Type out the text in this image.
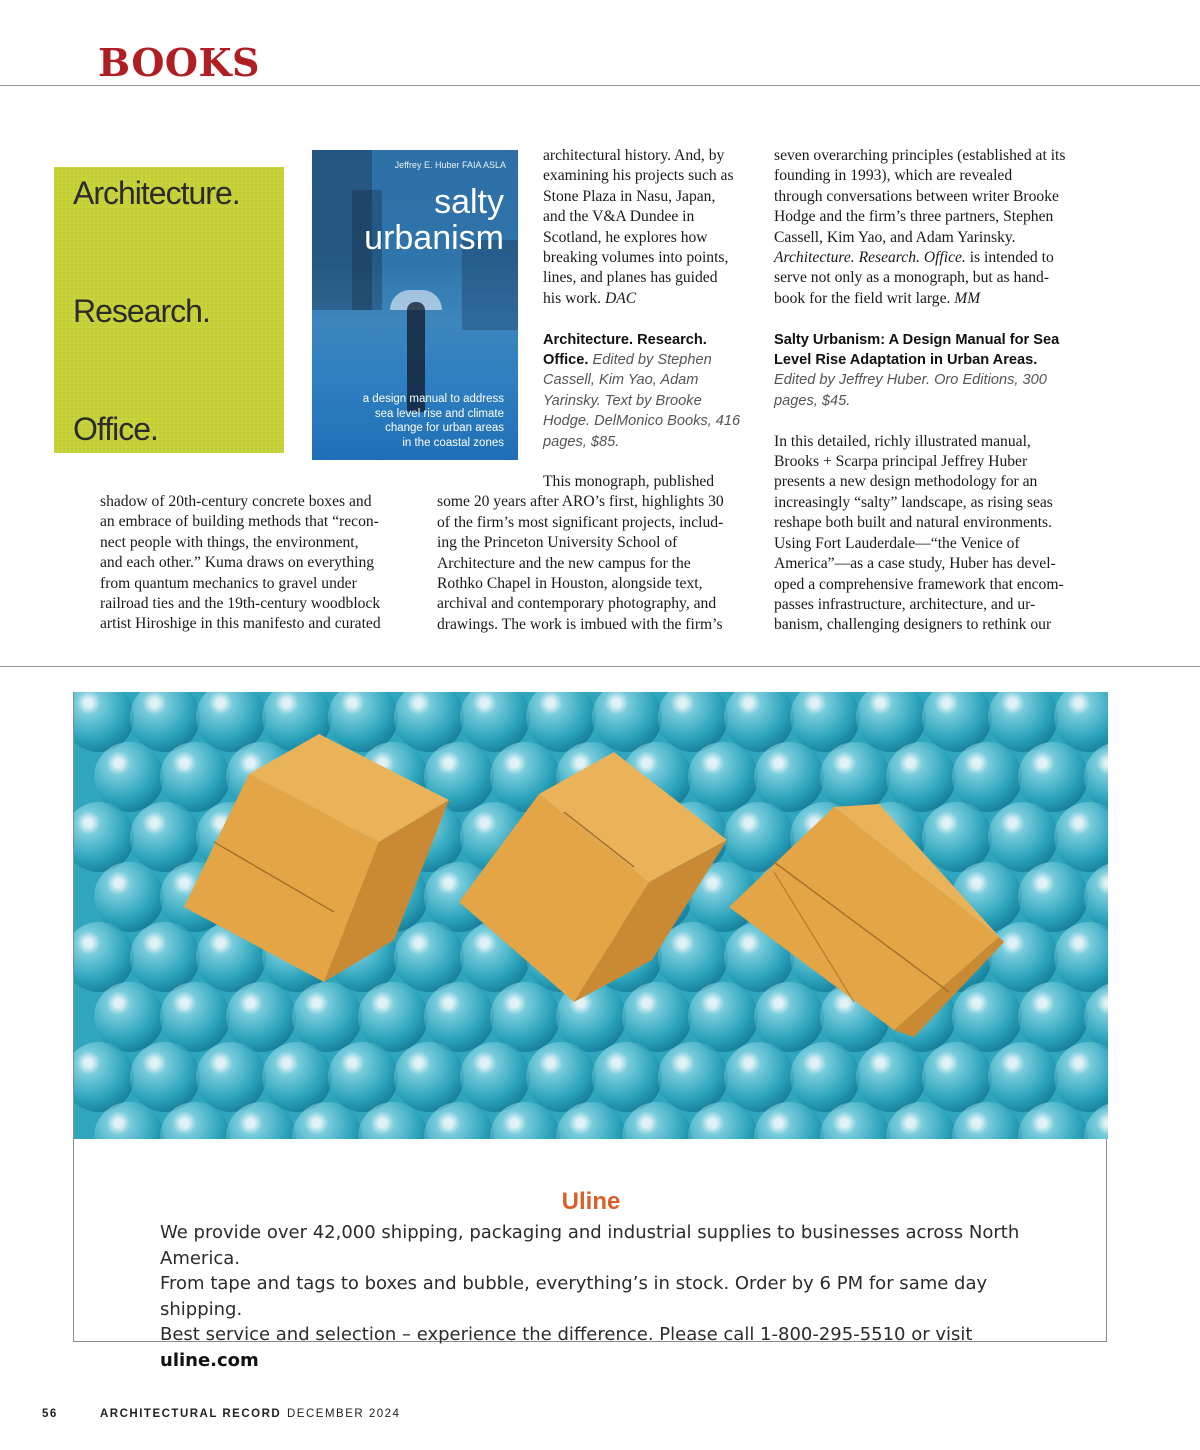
BOOKS
Architecture.
Research.
Office.
Jeffrey E. Huber FAIA ASLA
salty
urbanism
a design manual to address
sea level rise and climate
change for urban areas
in the coastal zones

shadow of 20th-century concrete boxes and

an embrace of building methods that “recon-

nect people with things, the environment,

and each other.” Kuma draws on everything

from quantum mechanics to gravel under

railroad ties and the 19th-century woodblock

artist Hiroshige in this manifesto and curated

architectural history. And, by

examining his projects such as

Stone Plaza in Nasu, Japan,

and the V&A Dundee in

Scotland, he explores how

breaking volumes into points,

lines, and planes has guided

his work. DAC

Architecture. Research.
Office. Edited by Stephen
Cassell, Kim Yao, Adam
Yarinsky. Text by Brooke
Hodge. DelMonico Books, 416
pages, $85.

This monograph, published

some 20 years after ARO’s first, highlights 30

of the firm’s most significant projects, includ-

ing the Princeton University School of

Architecture and the new campus for the

Rothko Chapel in Houston, alongside text,

archival and contemporary photography, and

drawings. The work is imbued with the firm’s

seven overarching principles (established at its

founding in 1993), which are revealed

through conversations between writer Brooke

Hodge and the firm’s three partners, Stephen

Cassell, Kim Yao, and Adam Yarinsky.

Architecture. Research. Office. is intended to

serve not only as a monograph, but as hand-

book for the field writ large. MM

Salty Urbanism: A Design Manual for Sea
Level Rise Adaptation in Urban Areas.
Edited by Jeffrey Huber. Oro Editions, 300
pages, $45.

In this detailed, richly illustrated manual,

Brooks + Scarpa principal Jeffrey Huber

presents a new design methodology for an

increasingly “salty” landscape, as rising seas

reshape both built and natural environments.

Using Fort Lauderdale—“the Venice of

America”—as a case study, Huber has devel-

oped a comprehensive framework that encom-

passes infrastructure, architecture, and ur-

banism, challenging designers to rethink our

Uline

We provide over 42,000 shipping, packaging and industrial supplies to businesses across North America.

From tape and tags to boxes and bubble, everything’s in stock. Order by 6 PM for same day shipping.

Best service and selection – experience the difference. Please call 1-800-295-5510 or visit uline.com

56	ARCHITECTURAL RECORD DECEMBER 2024
